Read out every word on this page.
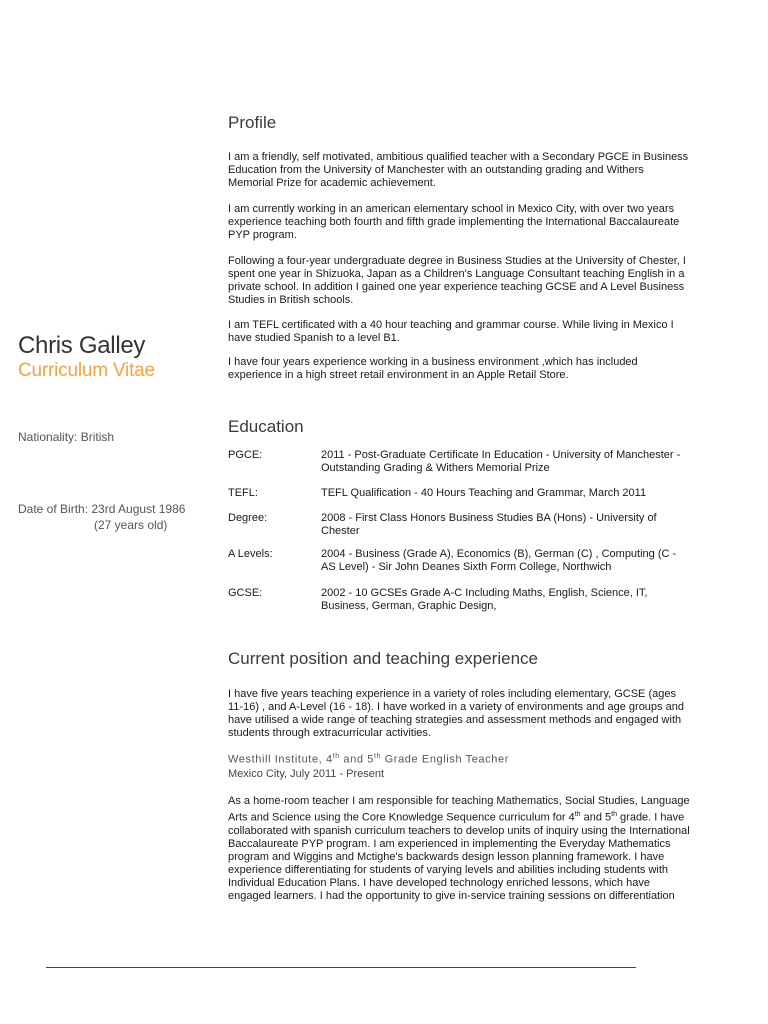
Chris Galley
Curriculum Vitae
Nationality: British
Date of Birth: 23rd August 1986
(27 years old)
Profile

I am a friendly, self motivated, ambitious qualified teacher with a Secondary PGCE in Business Education from the University of Manchester with an outstanding grading and Withers Memorial Prize for academic achievement.

I am currently working in an american elementary school in Mexico City, with over two years experience teaching both fourth and fifth grade implementing the International Baccalaureate PYP program.

Following a four-year undergraduate degree in Business Studies at the University of Chester, I spent one year in Shizuoka, Japan as a Children's Language Consultant teaching English in a private school. In addition I gained one year experience teaching GCSE and A Level Business Studies in British schools.

I am TEFL certificated with a 40 hour teaching and grammar course. While living in Mexico I have studied Spanish to a level B1.

I have four years experience working in a business environment ,which has included experience in a high street retail environment in an Apple Retail Store.

Education
PGCE:	2011 - Post-Graduate Certificate In Education - University of Manchester - Outstanding Grading & Withers Memorial Prize
TEFL:	TEFL Qualification - 40 Hours Teaching and Grammar, March 2011
Degree:	2008 - First Class Honors Business Studies BA (Hons) - University of Chester
A Levels:	2004 - Business (Grade A), Economics (B), German (C) , Computing (C - AS Level) - Sir John Deanes Sixth Form College, Northwich
GCSE:	2002 - 10 GCSEs Grade A-C Including Maths, English, Science, IT, Business, German, Graphic Design,
Current position and teaching experience

I have five years teaching experience in a variety of roles including elementary, GCSE (ages 11-16) , and A-Level (16 - 18). I have worked in a variety of environments and age groups and have utilised a wide range of teaching strategies and assessment methods and engaged with students through extracurricular activities.

Westhill Institute, 4th and 5th Grade English Teacher
Mexico City, July 2011 - Present

As a home-room teacher I am responsible for teaching Mathematics, Social Studies, Language Arts and Science using the Core Knowledge Sequence curriculum for 4th and 5th grade. I have collaborated with spanish curriculum teachers to develop units of inquiry using the International Baccalaureate PYP program. I am experienced in implementing the Everyday Mathematics program and Wiggins and Mctighe's backwards design lesson planning framework. I have experience differentiating for students of varying levels and abilities including students with Individual Education Plans. I have developed technology enriched lessons, which have engaged learners. I had the opportunity to give in-service training sessions on differentiation
